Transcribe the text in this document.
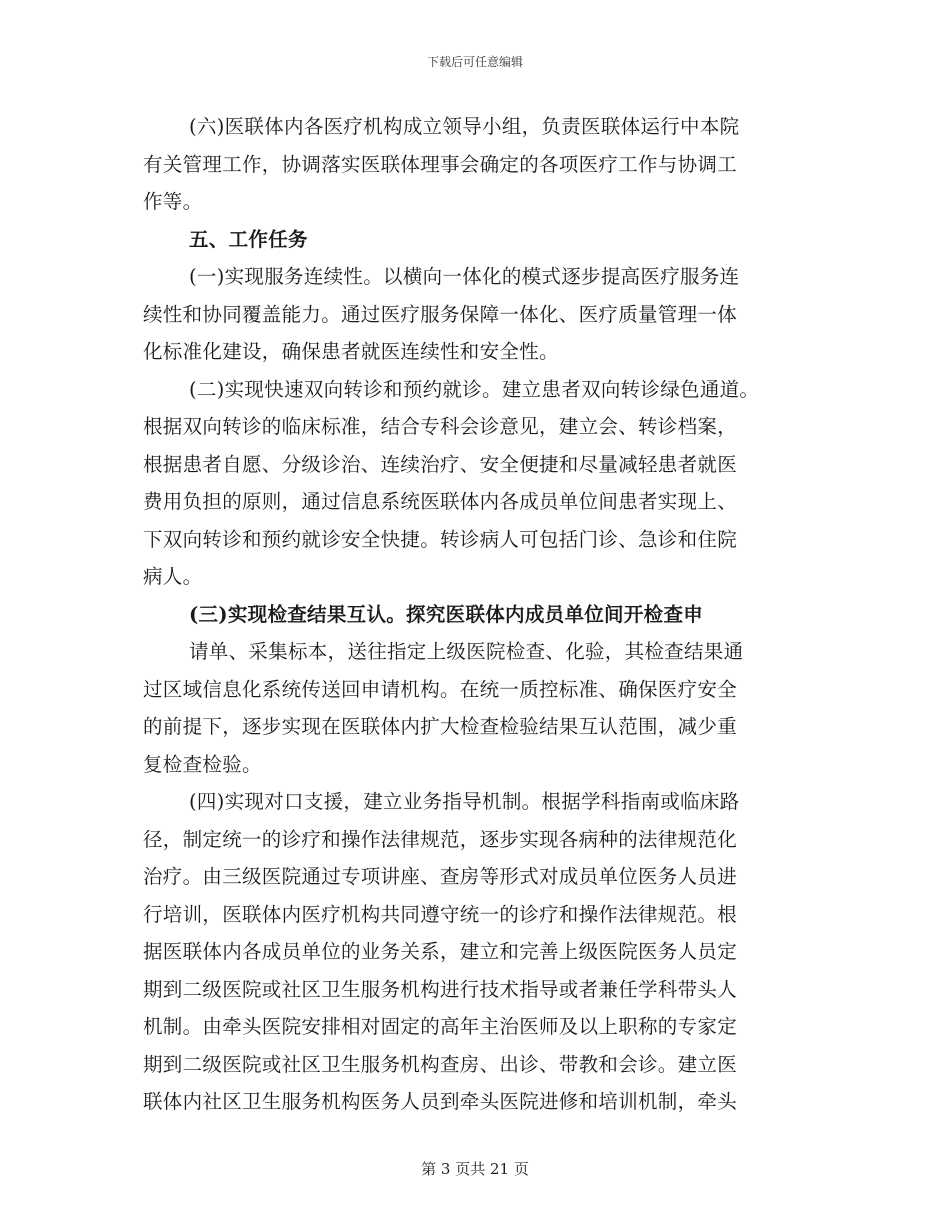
下载后可任意编辑
(六)医联体内各医疗机构成立领导小组，负责医联体运行中本院
有关管理工作，协调落实医联体理事会确定的各项医疗工作与协调工
作等。
五、工作任务
(一)实现服务连续性。以横向一体化的模式逐步提高医疗服务连
续性和协同覆盖能力。通过医疗服务保障一体化、医疗质量管理一体
化标准化建设，确保患者就医连续性和安全性。
(二)实现快速双向转诊和预约就诊。建立患者双向转诊绿色通道。
根据双向转诊的临床标准，结合专科会诊意见，建立会、转诊档案，
根据患者自愿、分级诊治、连续治疗、安全便捷和尽量减轻患者就医
费用负担的原则，通过信息系统医联体内各成员单位间患者实现上、
下双向转诊和预约就诊安全快捷。转诊病人可包括门诊、急诊和住院
病人。
(三)实现检查结果互认。探究医联体内成员单位间开检查申
请单、采集标本，送往指定上级医院检查、化验，其检查结果通
过区域信息化系统传送回申请机构。在统一质控标准、确保医疗安全
的前提下，逐步实现在医联体内扩大检查检验结果互认范围，减少重
复检查检验。
(四)实现对口支援，建立业务指导机制。根据学科指南或临床路
径，制定统一的诊疗和操作法律规范，逐步实现各病种的法律规范化
治疗。由三级医院通过专项讲座、查房等形式对成员单位医务人员进
行培训，医联体内医疗机构共同遵守统一的诊疗和操作法律规范。根
据医联体内各成员单位的业务关系，建立和完善上级医院医务人员定
期到二级医院或社区卫生服务机构进行技术指导或者兼任学科带头人
机制。由牵头医院安排相对固定的高年主治医师及以上职称的专家定
期到二级医院或社区卫生服务机构查房、出诊、带教和会诊。建立医
联体内社区卫生服务机构医务人员到牵头医院进修和培训机制，牵头
第 3 页共 21 页
